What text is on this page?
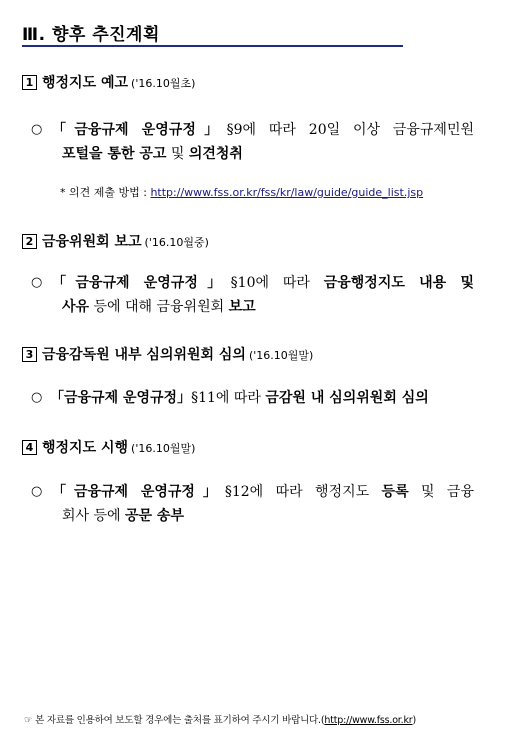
Ⅲ. 향후 추진계획
1 행정지도 예고 ('16.10월초)
○ 「금융규제 운영규정」§9에 따라 20일 이상 금융규제민원
포털을 통한 공고 및 의견청취
* 의견 제출 방법 : http://www.fss.or.kr/fss/kr/law/guide/guide_list.jsp
2 금융위원회 보고 ('16.10월중)
○ 「금융규제 운영규정」§10에 따라 금융행정지도 내용 및
사유 등에 대해 금융위원회 보고
3 금융감독원 내부 심의위원회 심의 ('16.10월말)
○ 「금융규제 운영규정」§11에 따라 금감원 내 심의위원회 심의
4 행정지도 시행 ('16.10월말)
○ 「금융규제 운영규정」§12에 따라 행정지도 등록 및 금융
회사 등에 공문 송부
☞ 본 자료를 인용하여 보도할 경우에는 출처를 표기하여 주시기 바랍니다.(http://www.fss.or.kr)
